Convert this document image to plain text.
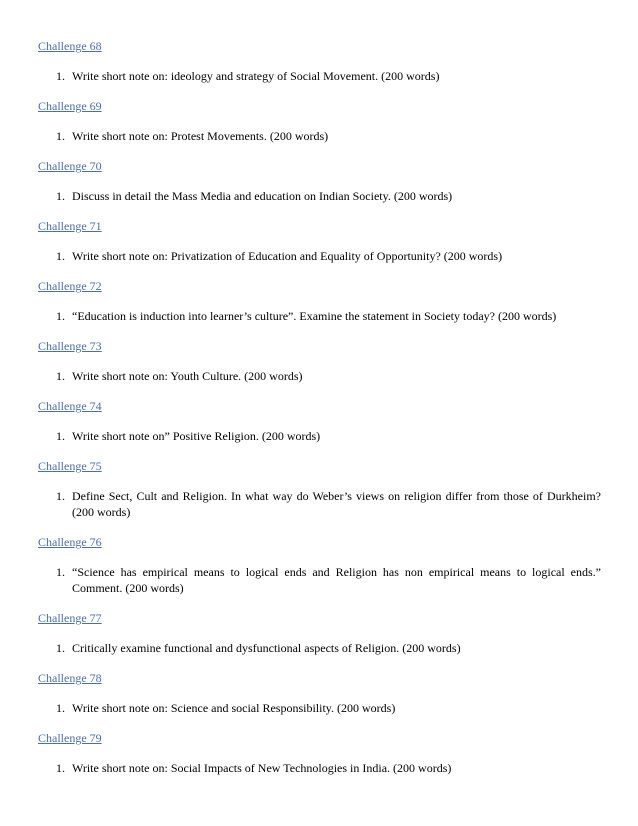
Challenge 68
1. Write short note on: ideology and strategy of Social Movement. (200 words)
Challenge 69
1. Write short note on: Protest Movements. (200 words)
Challenge 70
1. Discuss in detail the Mass Media and education on Indian Society. (200 words)
Challenge 71
1. Write short note on: Privatization of Education and Equality of Opportunity? (200 words)
Challenge 72
1. “Education is induction into learner’s culture”. Examine the statement in Society today? (200 words)
Challenge 73
1. Write short note on: Youth Culture. (200 words)
Challenge 74
1. Write short note on” Positive Religion. (200 words)
Challenge 75
1. Define Sect, Cult and Religion. In what way do Weber’s views on religion differ from those of Durkheim? (200 words)
Challenge 76
1. “Science has empirical means to logical ends and Religion has non empirical means to logical ends.” Comment. (200 words)
Challenge 77
1. Critically examine functional and dysfunctional aspects of Religion. (200 words)
Challenge 78
1. Write short note on: Science and social Responsibility. (200 words)
Challenge 79
1. Write short note on: Social Impacts of New Technologies in India. (200 words)
